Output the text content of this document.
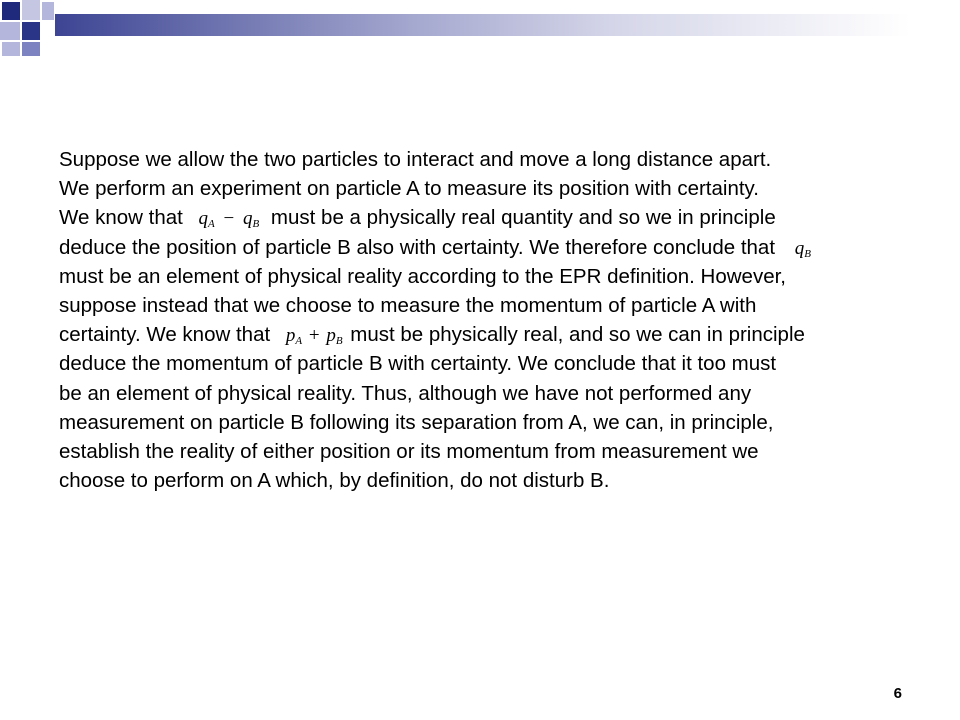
Suppose we allow the two particles to interact and move a long distance apart.
We perform an experiment on particle A to measure its position with certainty.
We know that $q_A - q_B$ must be a physically real quantity and so we in principle
deduce the position of particle B also with certainty. We therefore conclude that $q_B$
must be an element of physical reality according to the EPR definition. However,
suppose instead that we choose to measure the momentum of particle A with
certainty. We know that $p_A + p_B$ must be physically real, and so we can in principle
deduce the momentum of particle B with certainty. We conclude that it too must
be an element of physical reality. Thus, although we have not performed any
measurement on particle B following its separation from A, we can, in principle,
establish the reality of either position or its momentum from measurement we
choose to perform on A which, by definition, do not disturb B.
6
